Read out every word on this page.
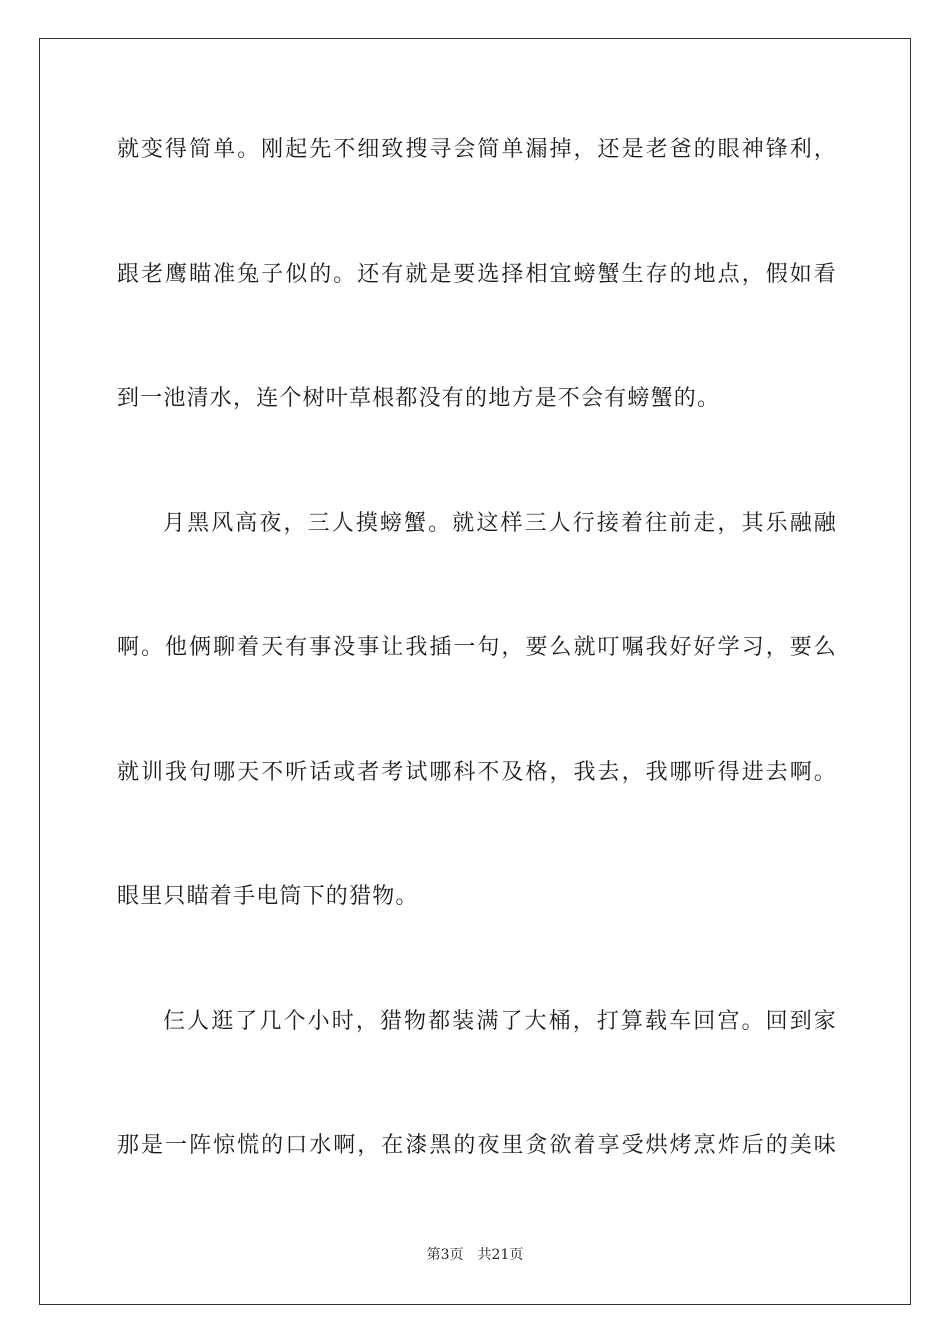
就变得简单。刚起先不细致搜寻会简单漏掉，还是老爸的眼神锋利，
跟老鹰瞄准兔子似的。还有就是要选择相宜螃蟹生存的地点，假如看
到一池清水，连个树叶草根都没有的地方是不会有螃蟹的。
月黑风高夜，三人摸螃蟹。就这样三人行接着往前走，其乐融融
啊。他俩聊着天有事没事让我插一句，要么就叮嘱我好好学习，要么
就训我句哪天不听话或者考试哪科不及格，我去，我哪听得进去啊。
眼里只瞄着手电筒下的猎物。
仨人逛了几个小时，猎物都装满了大桶，打算载车回宫。回到家
那是一阵惊慌的口水啊，在漆黑的夜里贪欲着享受烘烤烹炸后的美味
第3页 共21页
